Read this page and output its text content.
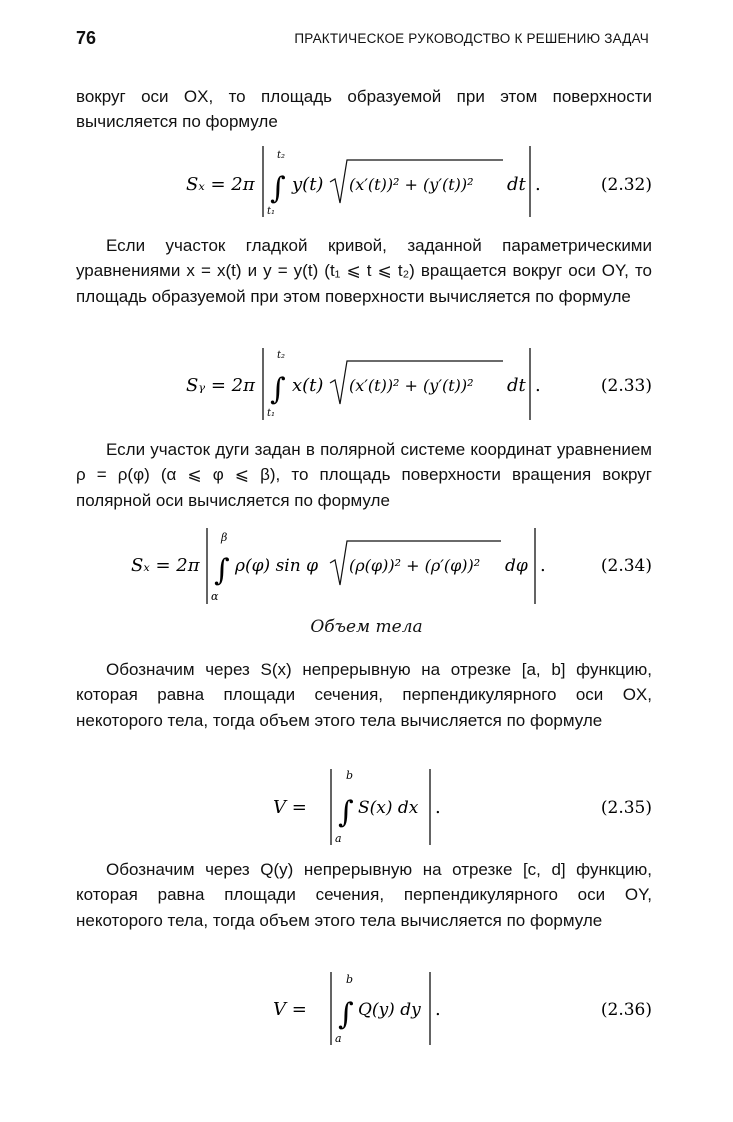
76	ПРАКТИЧЕСКОЕ РУКОВОДСТВО К РЕШЕНИЮ ЗАДАЧ

вокруг оси OX, то площадь образуемой при этом поверхности вычисляется по формуле

Если участок гладкой кривой, заданной параметрическими уравнениями x = x(t) и y = y(t) (t₁ ⩽ t ⩽ t₂) вращается вокруг оси OY, то площадь образуемой при этом поверхности вычисляется по формуле

Если участок дуги задан в полярной системе координат уравнением ρ = ρ(φ) (α ⩽ φ ⩽ β), то площадь поверхности вращения вокруг полярной оси вычисляется по формуле

Объем тела

Обозначим через S(x) непрерывную на отрезке [a, b] функцию, которая равна площади сечения, перпендикулярного оси OX, некоторого тела, тогда объем этого тела вычисляется по формуле

Обозначим через Q(y) непрерывную на отрезке [c, d] функцию, которая равна площади сечения, перпендикулярного оси OY, некоторого тела, тогда объем этого тела вычисляется по формуле

Sₓ = 2π
t₂
∫
t₁
y(t) (x′(t))² + (y′(t))² dt .	(2.32)
Sᵧ = 2π
t₂
∫
t₁
x(t) (x′(t))² + (y′(t))² dt .	(2.33)
Sₓ = 2π
β
∫
α
ρ(φ) sin φ (ρ(φ))² + (ρ′(φ))² dφ .	(2.34)
V =
b
∫
a
S(x) dx .	(2.35)
V =
b
∫
a
Q(y) dy .	(2.36)
